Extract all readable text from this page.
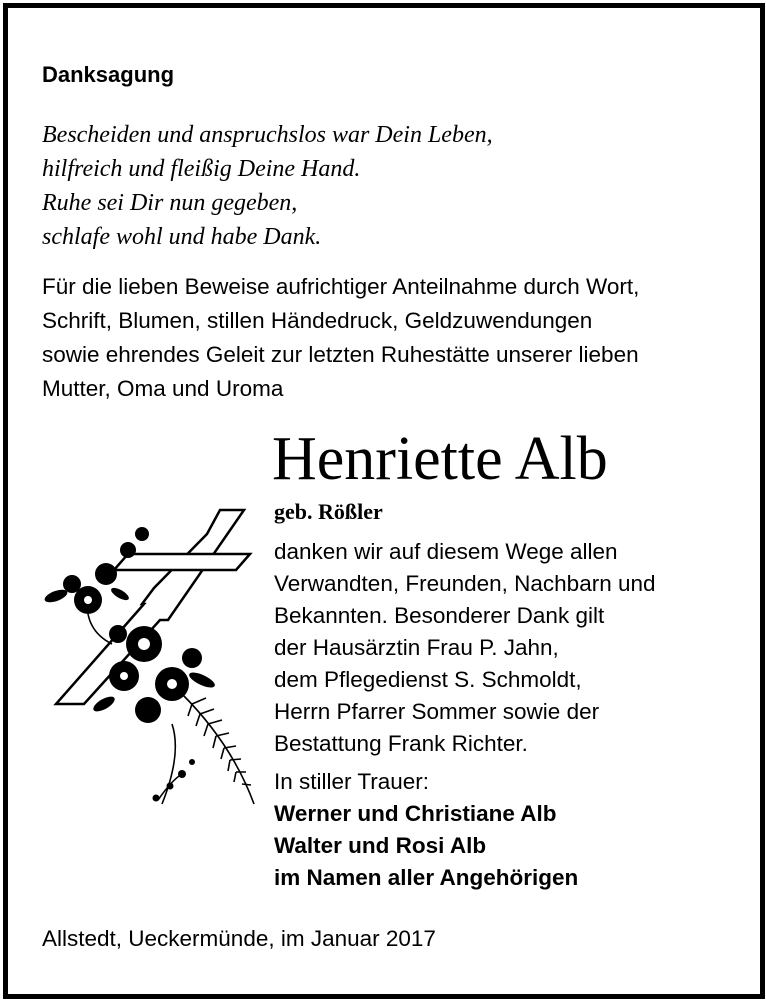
Danksagung
Bescheiden und anspruchslos war Dein Leben,
hilfreich und fleißig Deine Hand.
Ruhe sei Dir nun gegeben,
schlafe wohl und habe Dank.
Für die lieben Beweise aufrichtiger Anteilnahme durch Wort,
Schrift, Blumen, stillen Händedruck, Geldzuwendungen
sowie ehrendes Geleit zur letzten Ruhestätte unserer lieben
Mutter, Oma und Uroma
Henriette Alb
geb. Rößler
danken wir auf diesem Wege allen
Verwandten, Freunden, Nachbarn und
Bekannten. Besonderer Dank gilt
der Hausärztin Frau P. Jahn,
dem Pflegedienst S. Schmoldt,
Herrn Pfarrer Sommer sowie der
Bestattung Frank Richter.
In stiller Trauer:
Werner und Christiane Alb
Walter und Rosi Alb
im Namen aller Angehörigen
Allstedt, Ueckermünde, im Januar 2017
